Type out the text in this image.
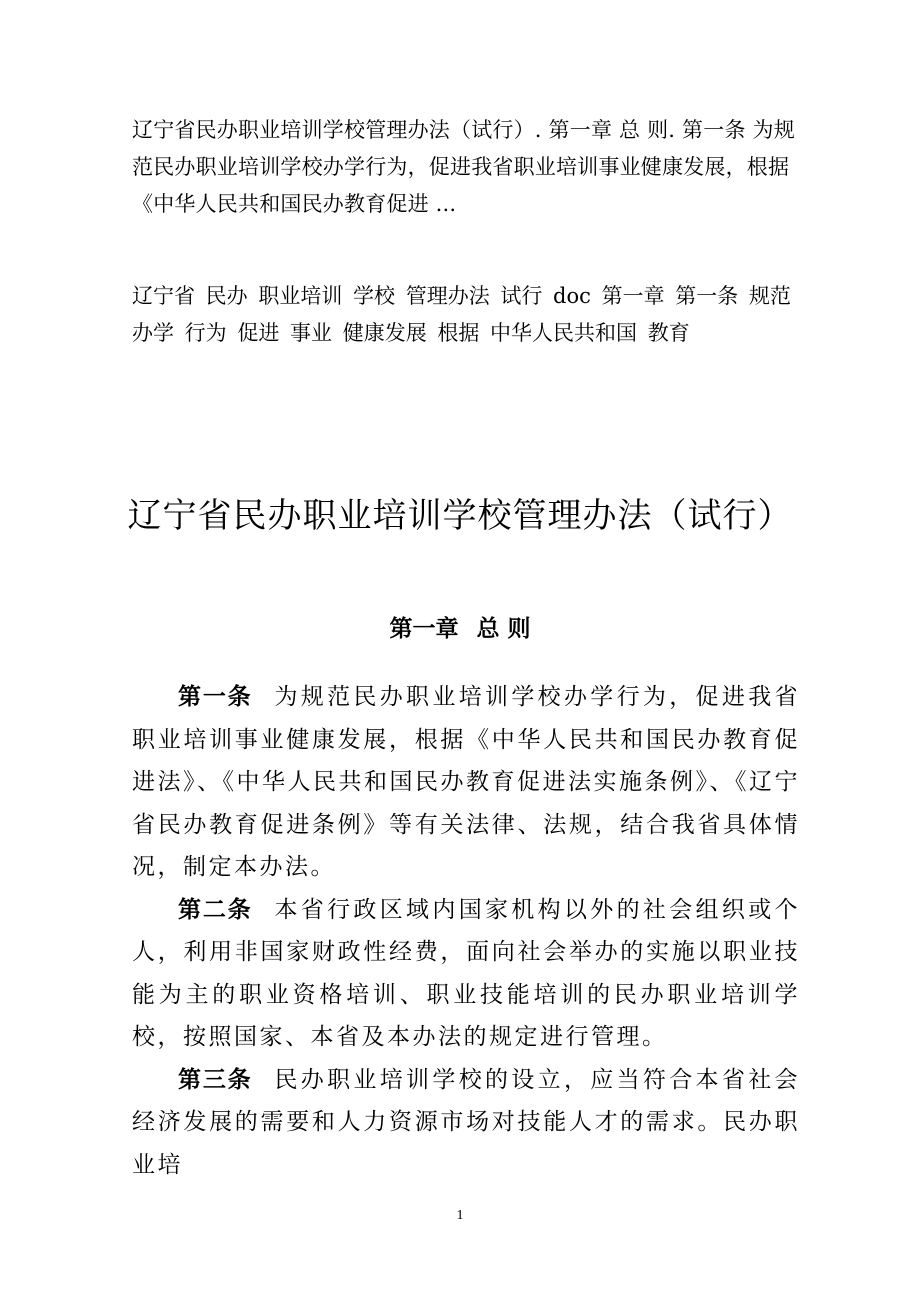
辽宁省民办职业培训学校管理办法（试行）. 第一章 总 则. 第一条 为规范民办职业培训学校办学行为，促进我省职业培训事业健康发展，根据《中华人民共和国民办教育促进 ...
辽宁省 民办 职业培训 学校 管理办法 试行 doc 第一章 第一条 规范 办学 行为 促进 事业 健康发展 根据 中华人民共和国 教育
辽宁省民办职业培训学校管理办法（试行）
第一章 总 则

第一条 为规范民办职业培训学校办学行为，促进我省职业培训事业健康发展，根据《中华人民共和国民办教育促进法》、《中华人民共和国民办教育促进法实施条例》、《辽宁省民办教育促进条例》等有关法律、法规，结合我省具体情况，制定本办法。

第二条 本省行政区域内国家机构以外的社会组织或个人，利用非国家财政性经费，面向社会举办的实施以职业技能为主的职业资格培训、职业技能培训的民办职业培训学校，按照国家、本省及本办法的规定进行管理。

第三条 民办职业培训学校的设立，应当符合本省社会经济发展的需要和人力资源市场对技能人才的需求。民办职业培

1
